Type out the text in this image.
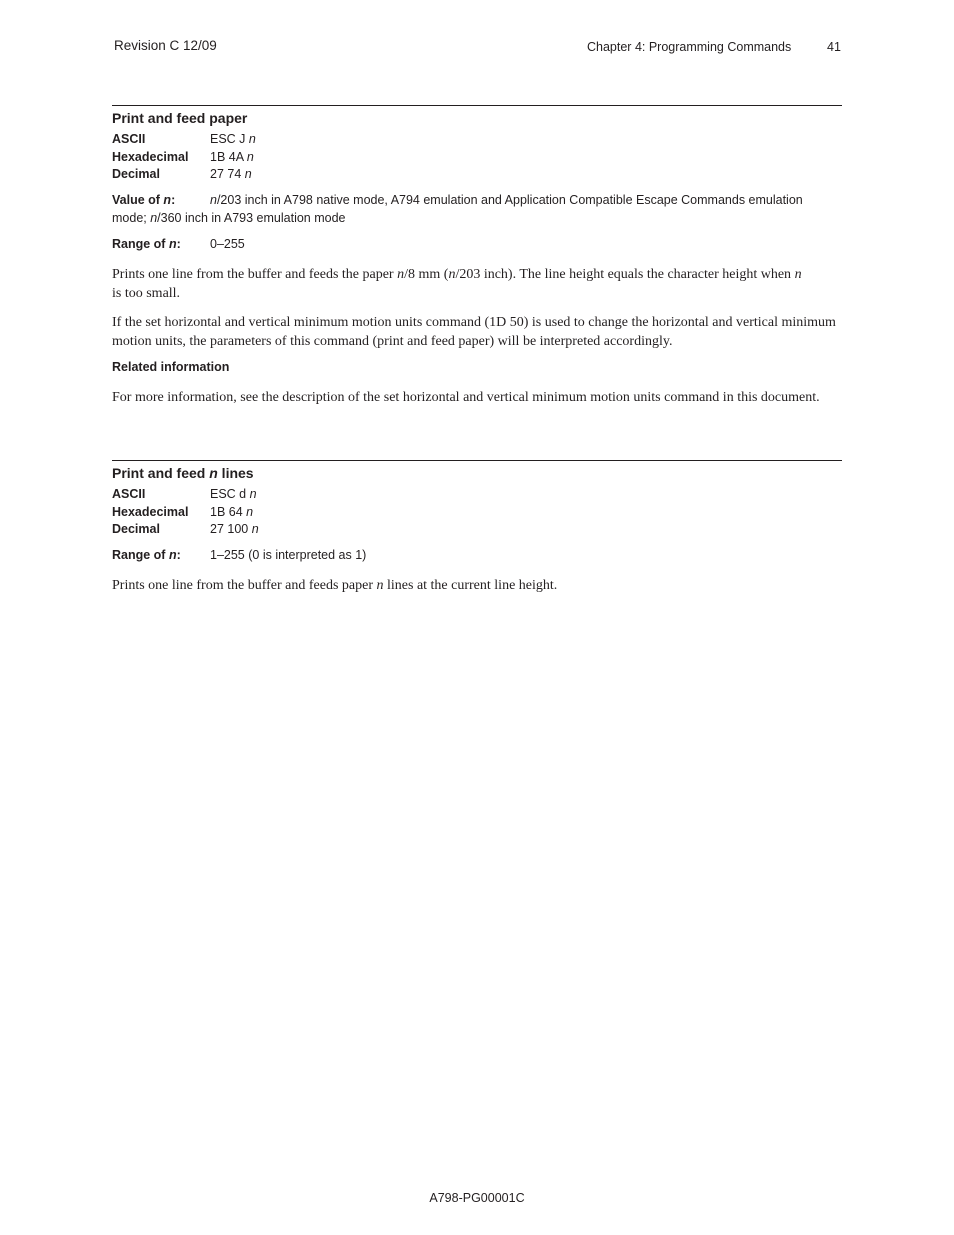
Revision C 12/09	Chapter 4: Programming Commands	41
Print and feed paper
ASCII	ESC J n
Hexadecimal	1B 4A n
Decimal	27 74 n
Value of n:	n/203 inch in A798 native mode, A794 emulation and Application Compatible Escape Commands emulation
mode; n/360 inch in A793 emulation mode
Range of n: 0–255
Prints one line from the buffer and feeds the paper n/8 mm (n/203 inch). The line height equals the character height when n
is too small.
If the set horizontal and vertical minimum motion units command (1D 50) is used to change the horizontal and vertical minimum motion units, the parameters of this command (print and feed paper) will be interpreted accordingly.
Related information
For more information, see the description of the set horizontal and vertical minimum motion units command in this document.
Print and feed n lines
ASCII	ESC d n
Hexadecimal	1B 64 n
Decimal	27 100 n
Range of n: 1–255 (0 is interpreted as 1)
Prints one line from the buffer and feeds paper n lines at the current line height.
A798-PG00001C
